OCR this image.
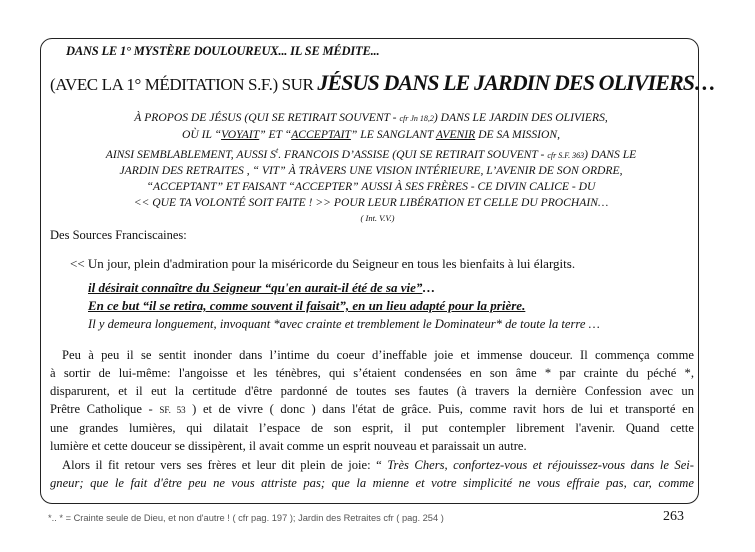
DANS LE 1° MYSTÈRE DOULOUREUX... IL SE MÉDITE...
(AVEC LA 1° MÉDITATION S.F.) SUR JÉSUS DANS LE JARDIN DES OLIVIERS…
À PROPOS DE JÉSUS (QUI SE RETIRAIT SOUVENT - cfr Jn 18,2) DANS LE JARDIN DES OLIVIERS,
OÙ IL “VOYAIT” ET “ACCEPTAIT” LE SANGLANT AVENIR DE SA MISSION,
AINSI SEMBLABLEMENT, AUSSI $S^t$. FRANCOIS D’ASSISE (QUI SE RETIRAIT SOUVENT - cfr S.F. 363) DANS LE
JARDIN DES RETRAITES , “ VIT” À TRÀVERS UNE VISION INTÉRIEURE, L’AVENIR DE SON ORDRE,
“ACCEPTANT” ET FAISANT “ACCEPTER” AUSSI À SES FRÈRES - CE DIVIN CALICE - DU
<< QUE TA VOLONTÉ SOIT FAITE ! >> POUR LEUR LIBÉRATION ET CELLE DU PROCHAIN…
( Int. V.V.)
Des Sources Franciscaines:
<< Un jour, plein d'admiration pour la miséricorde du Seigneur en tous les bienfaits à lui élargits.
il désirait connaître du Seigneur “qu'en aurait-il été de sa vie”…
En ce but “il se retira, comme souvent il faisait”, en un lieu adapté pour la prière.
Il y demeura longuement, invoquant *avec crainte et tremblement le Dominateur* de toute la terre …
Peu à peu il se sentit inonder dans l’intime du coeur d’ineffable joie et immense douceur. Il commença comme
à sortir de lui-même: l'angoisse et les ténèbres, qui s’étaient condensées en son âme * par crainte du péché *,
disparurent, et il eut la certitude d'être pardonné de toutes ses fautes (à travers la dernière Confession avec un
Prêtre Catholique - SF. 53 ) et de vivre ( donc ) dans l'état de grâce. Puis, comme ravit hors de lui et transporté en
une grandes lumières, qui dilatait l’espace de son esprit, il put contempler librement l'avenir. Quand cette
lumière et cette douceur se dissipèrent, il avait comme un esprit nouveau et paraissait un autre.
Alors il fit retour vers ses frères et leur dit plein de joie: “ Très Chers, confortez-vous et réjouissez-vous dans le Sei-
gneur; que le fait d'être peu ne vous attriste pas; que la mienne et votre simplicité ne vous effraie pas, car, comme
*.. * = Crainte seule de Dieu, et non d'autre ! ( cfr pag. 197 ); Jardin des Retraites cfr ( pag. 254 )	263
